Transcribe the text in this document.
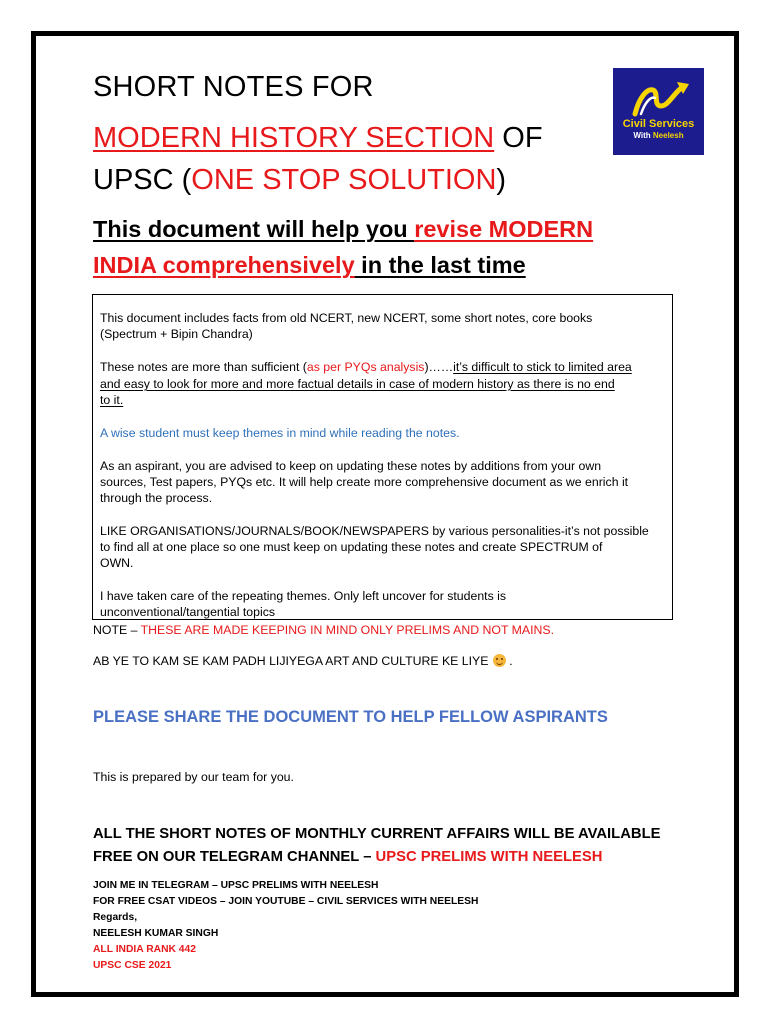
SHORT NOTES FOR
MODERN HISTORY SECTION OF
UPSC (ONE STOP SOLUTION)
This document will help you revise MODERN
INDIA comprehensively in the last time
Civil Services
With Neelesh
This document includes facts from old NCERT, new NCERT, some short notes, core books
(Spectrum + Bipin Chandra)
These notes are more than sufficient (as per PYQs analysis)……it’s difficult to stick to limited area
and easy to look for more and more factual details in case of modern history as there is no end
to it.
A wise student must keep themes in mind while reading the notes.
As an aspirant, you are advised to keep on updating these notes by additions from your own
sources, Test papers, PYQs etc. It will help create more comprehensive document as we enrich it
through the process.
LIKE ORGANISATIONS/JOURNALS/BOOK/NEWSPAPERS by various personalities-it’s not possible
to find all at one place so one must keep on updating these notes and create SPECTRUM of
OWN.
I have taken care of the repeating themes. Only left uncover for students is
unconventional/tangential topics
NOTE – THESE ARE MADE KEEPING IN MIND ONLY PRELIMS AND NOT MAINS.
AB YE TO KAM SE KAM PADH LIJIYEGA ART AND CULTURE KE LIYE
.
PLEASE SHARE THE DOCUMENT TO HELP FELLOW ASPIRANTS
This is prepared by our team for you.
ALL THE SHORT NOTES OF MONTHLY CURRENT AFFAIRS WILL BE AVAILABLE
FREE ON OUR TELEGRAM CHANNEL – UPSC PRELIMS WITH NEELESH
JOIN ME IN TELEGRAM – UPSC PRELIMS WITH NEELESH
FOR FREE CSAT VIDEOS – JOIN YOUTUBE – CIVIL SERVICES WITH NEELESH
Regards,
NEELESH KUMAR SINGH
ALL INDIA RANK 442
UPSC CSE 2021
